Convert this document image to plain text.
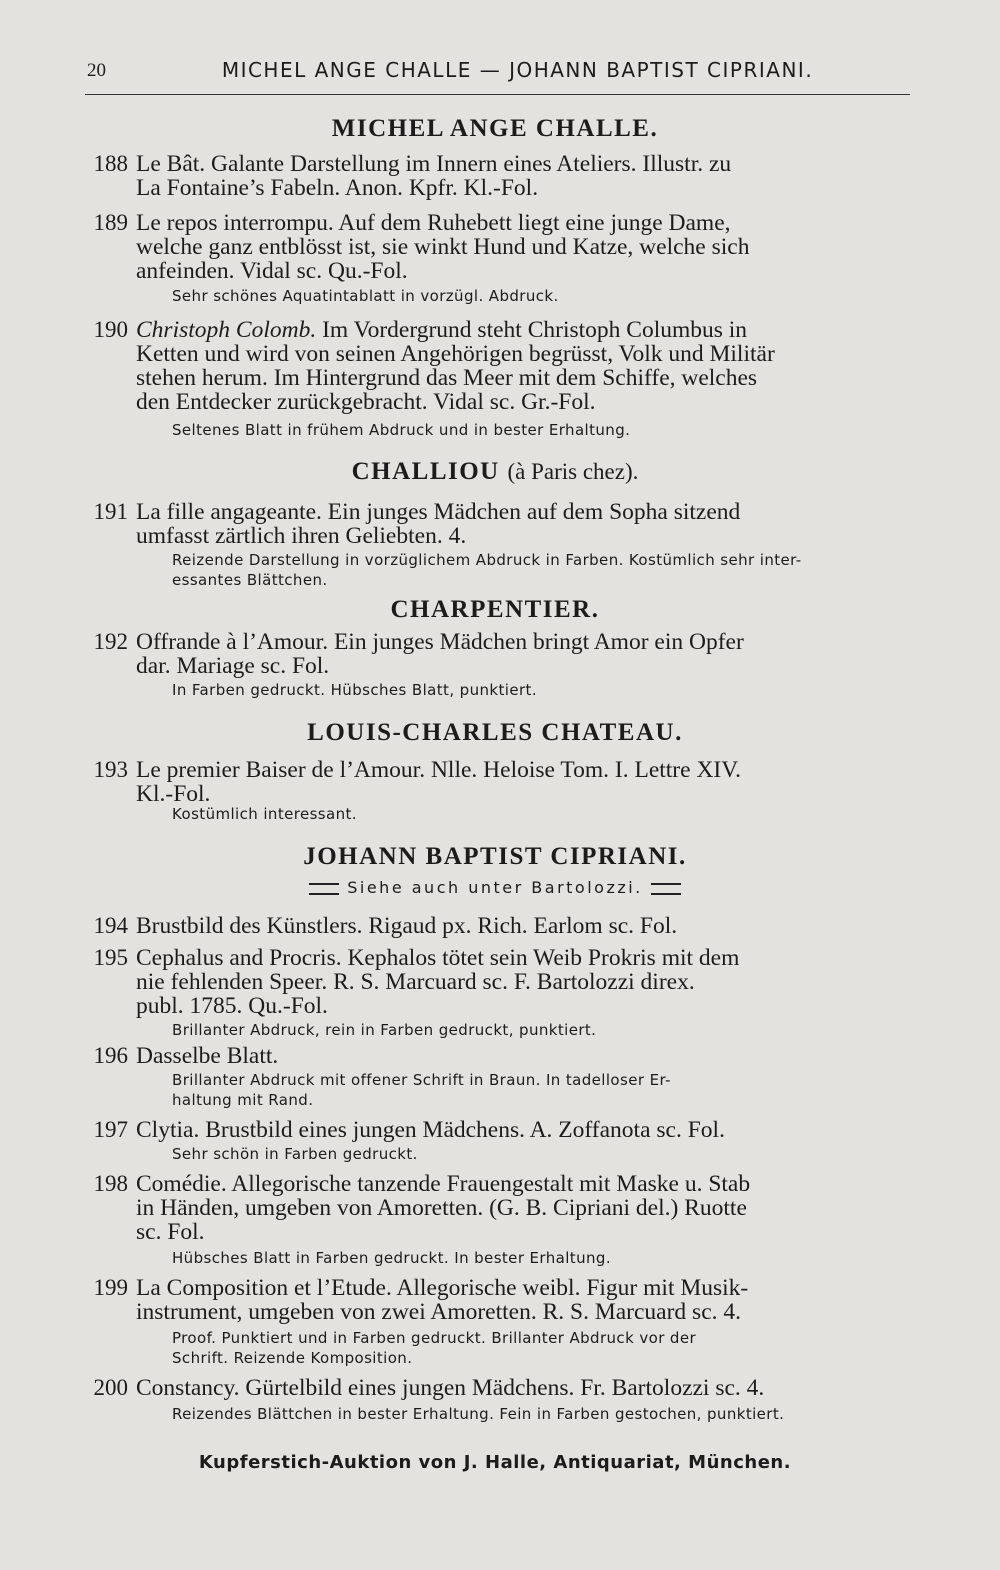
20	MICHEL ANGE CHALLE — JOHANN BAPTIST CIPRIANI.
MICHEL ANGE CHALLE.
188 Le Bât. Galante Darstellung im Innern eines Ateliers. Illustr. zu
La Fontaine’s Fabeln. Anon. Kpfr. Kl.-Fol.
189 Le repos interrompu. Auf dem Ruhebett liegt eine junge Dame,
welche ganz entblösst ist, sie winkt Hund und Katze, welche sich
anfeinden. Vidal sc. Qu.-Fol.
Sehr schönes Aquatintablatt in vorzügl. Abdruck.
190 Christoph Colomb. Im Vordergrund steht Christoph Columbus in
Ketten und wird von seinen Angehörigen begrüsst, Volk und Militär
stehen herum. Im Hintergrund das Meer mit dem Schiffe, welches
den Entdecker zurückgebracht. Vidal sc. Gr.-Fol.
Seltenes Blatt in frühem Abdruck und in bester Erhaltung.
CHALLIOU (à Paris chez).
191 La fille angageante. Ein junges Mädchen auf dem Sopha sitzend
umfasst zärtlich ihren Geliebten. 4.
Reizende Darstellung in vorzüglichem Abdruck in Farben. Kostümlich sehr inter-
essantes Blättchen.
CHARPENTIER.
192 Offrande à l’Amour. Ein junges Mädchen bringt Amor ein Opfer
dar. Mariage sc. Fol.
In Farben gedruckt. Hübsches Blatt, punktiert.
LOUIS-CHARLES CHATEAU.
193 Le premier Baiser de l’Amour. Nlle. Heloise Tom. I. Lettre XIV.
Kl.-Fol.
Kostümlich interessant.
JOHANN BAPTIST CIPRIANI.
Siehe auch unter Bartolozzi.
194 Brustbild des Künstlers. Rigaud px. Rich. Earlom sc. Fol.
195 Cephalus and Procris. Kephalos tötet sein Weib Prokris mit dem
nie fehlenden Speer. R. S. Marcuard sc. F. Bartolozzi direx.
publ. 1785. Qu.-Fol.
Brillanter Abdruck, rein in Farben gedruckt, punktiert.
196 Dasselbe Blatt.
Brillanter Abdruck mit offener Schrift in Braun. In tadelloser Er-
haltung mit Rand.
197 Clytia. Brustbild eines jungen Mädchens. A. Zoffanota sc. Fol.
Sehr schön in Farben gedruckt.
198 Comédie. Allegorische tanzende Frauengestalt mit Maske u. Stab
in Händen, umgeben von Amoretten. (G. B. Cipriani del.) Ruotte
sc. Fol.
Hübsches Blatt in Farben gedruckt. In bester Erhaltung.
199 La Composition et l’Etude. Allegorische weibl. Figur mit Musik-
instrument, umgeben von zwei Amoretten. R. S. Marcuard sc. 4.
Proof. Punktiert und in Farben gedruckt. Brillanter Abdruck vor der
Schrift. Reizende Komposition.
200 Constancy. Gürtelbild eines jungen Mädchens. Fr. Bartolozzi sc. 4.
Reizendes Blättchen in bester Erhaltung. Fein in Farben gestochen, punktiert.
Kupferstich-Auktion von J. Halle, Antiquariat, München.
